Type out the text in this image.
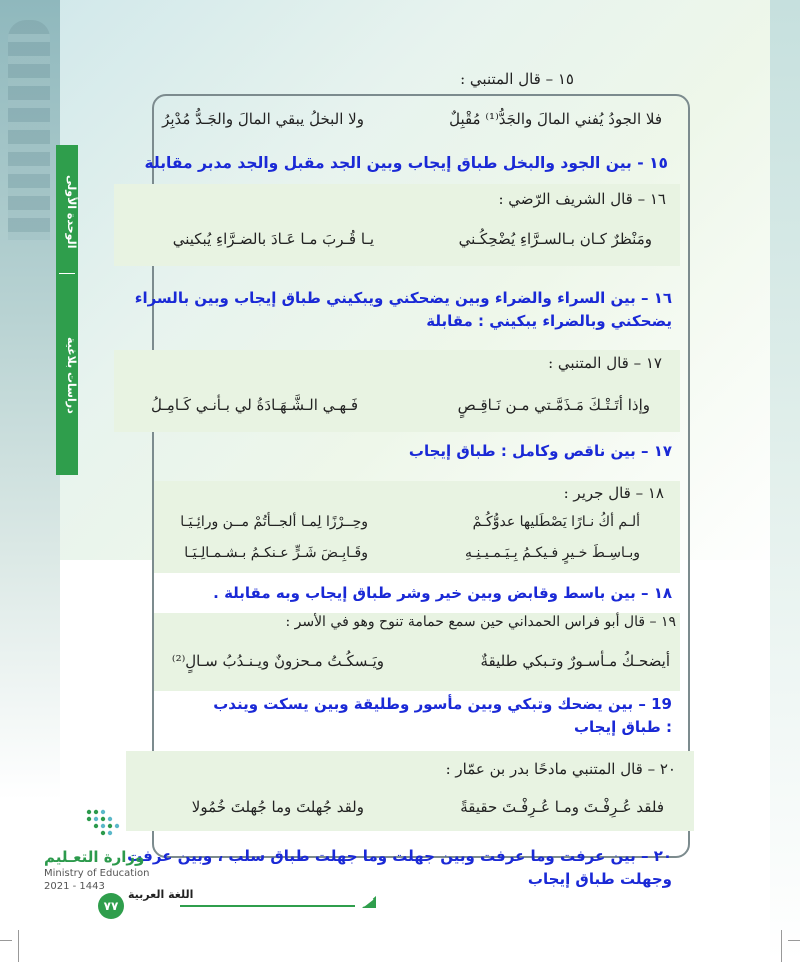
الوحدة الأولى
دراسات بلاغية
١٥ – قال المتنبي :
فلا الجودُ يُفني المالَ والجَدُّ⁽¹⁾ مُقْبِلٌ
ولا البخلُ يبقي المالَ والجَـدُّ مُدْبِرُ
١٥ - بين الجود والبخل طباق إيجاب وبين الجد مقبل والجد مدبر مقابلة
١٦ – قال الشريف الرّضي :
ومَنْظرٌ كـان بـالسـرَّاءِ يُضْحِكُـني
يـا قُـربَ مـا عَـادَ بالضـرَّاءِ يُبكيني
١٦ – بين السراء والضراء وبين يضحكني ويبكيني طباق إيجاب وبين بالسراء يضحكني وبالضراء يبكيني : مقابلة
١٧ – قال المتنبي :
وإذا أتَـتْـكَ مَـذَمَّـتي مـن نَـاقِـصٍ
فَـهـي الـشَّـهَـادَةُ لي بـأنـي كَـامِـلُ
١٧ – بين ناقص وكامل : طباق إيجاب
١٨ – قال جرير :
ألـم أكُ نـارًا يَصْطَليها عدوُّكُـمْ
وحِــرْزًا لِمـا ألجــأتُمْ مــن ورائِـيَـا
وبـاسِـطَ خـيرٍ فـيكـمُ بِـيَـمـيـنِـهِ
وقَـابِـضَ شَـرٍّ عـنكـمُ بـشـمـالِـيَـا
١٨ – بين باسط وقابض وبين خير وشر طباق إيجاب وبه مقابلة .
١٩ – قال أبو فراس الحمداني حين سمع حمامة تنوح وهو في الأسر :
أيضحـكُ مـأسـورٌ وتـبكي طليقةٌ
ويَـسكُـتُ مـحزونٌ ويـنـدُبُ سـالٍ⁽²⁾
19 – بين يضحك وتبكي وبين مأسور وطليقة وبين يسكت ويندب : طباق إيجاب
٢٠ – قال المتنبي مادحًا بدر بن عمّار :
فلقد عُـرِفْـتَ ومـا عُـرِفْـتَ حقيقةً
ولقد جُهلتَ وما جُهلتَ خُمُولا
٢٠ – بين عرفت وما عرفت وبين جهلت وما جهلت طباق سلب ، وبين عرفت وجهلت طباق إيجاب
وزارة التعـليم
Ministry of Education
2021 - 1443
٧٧
اللغة العربية
